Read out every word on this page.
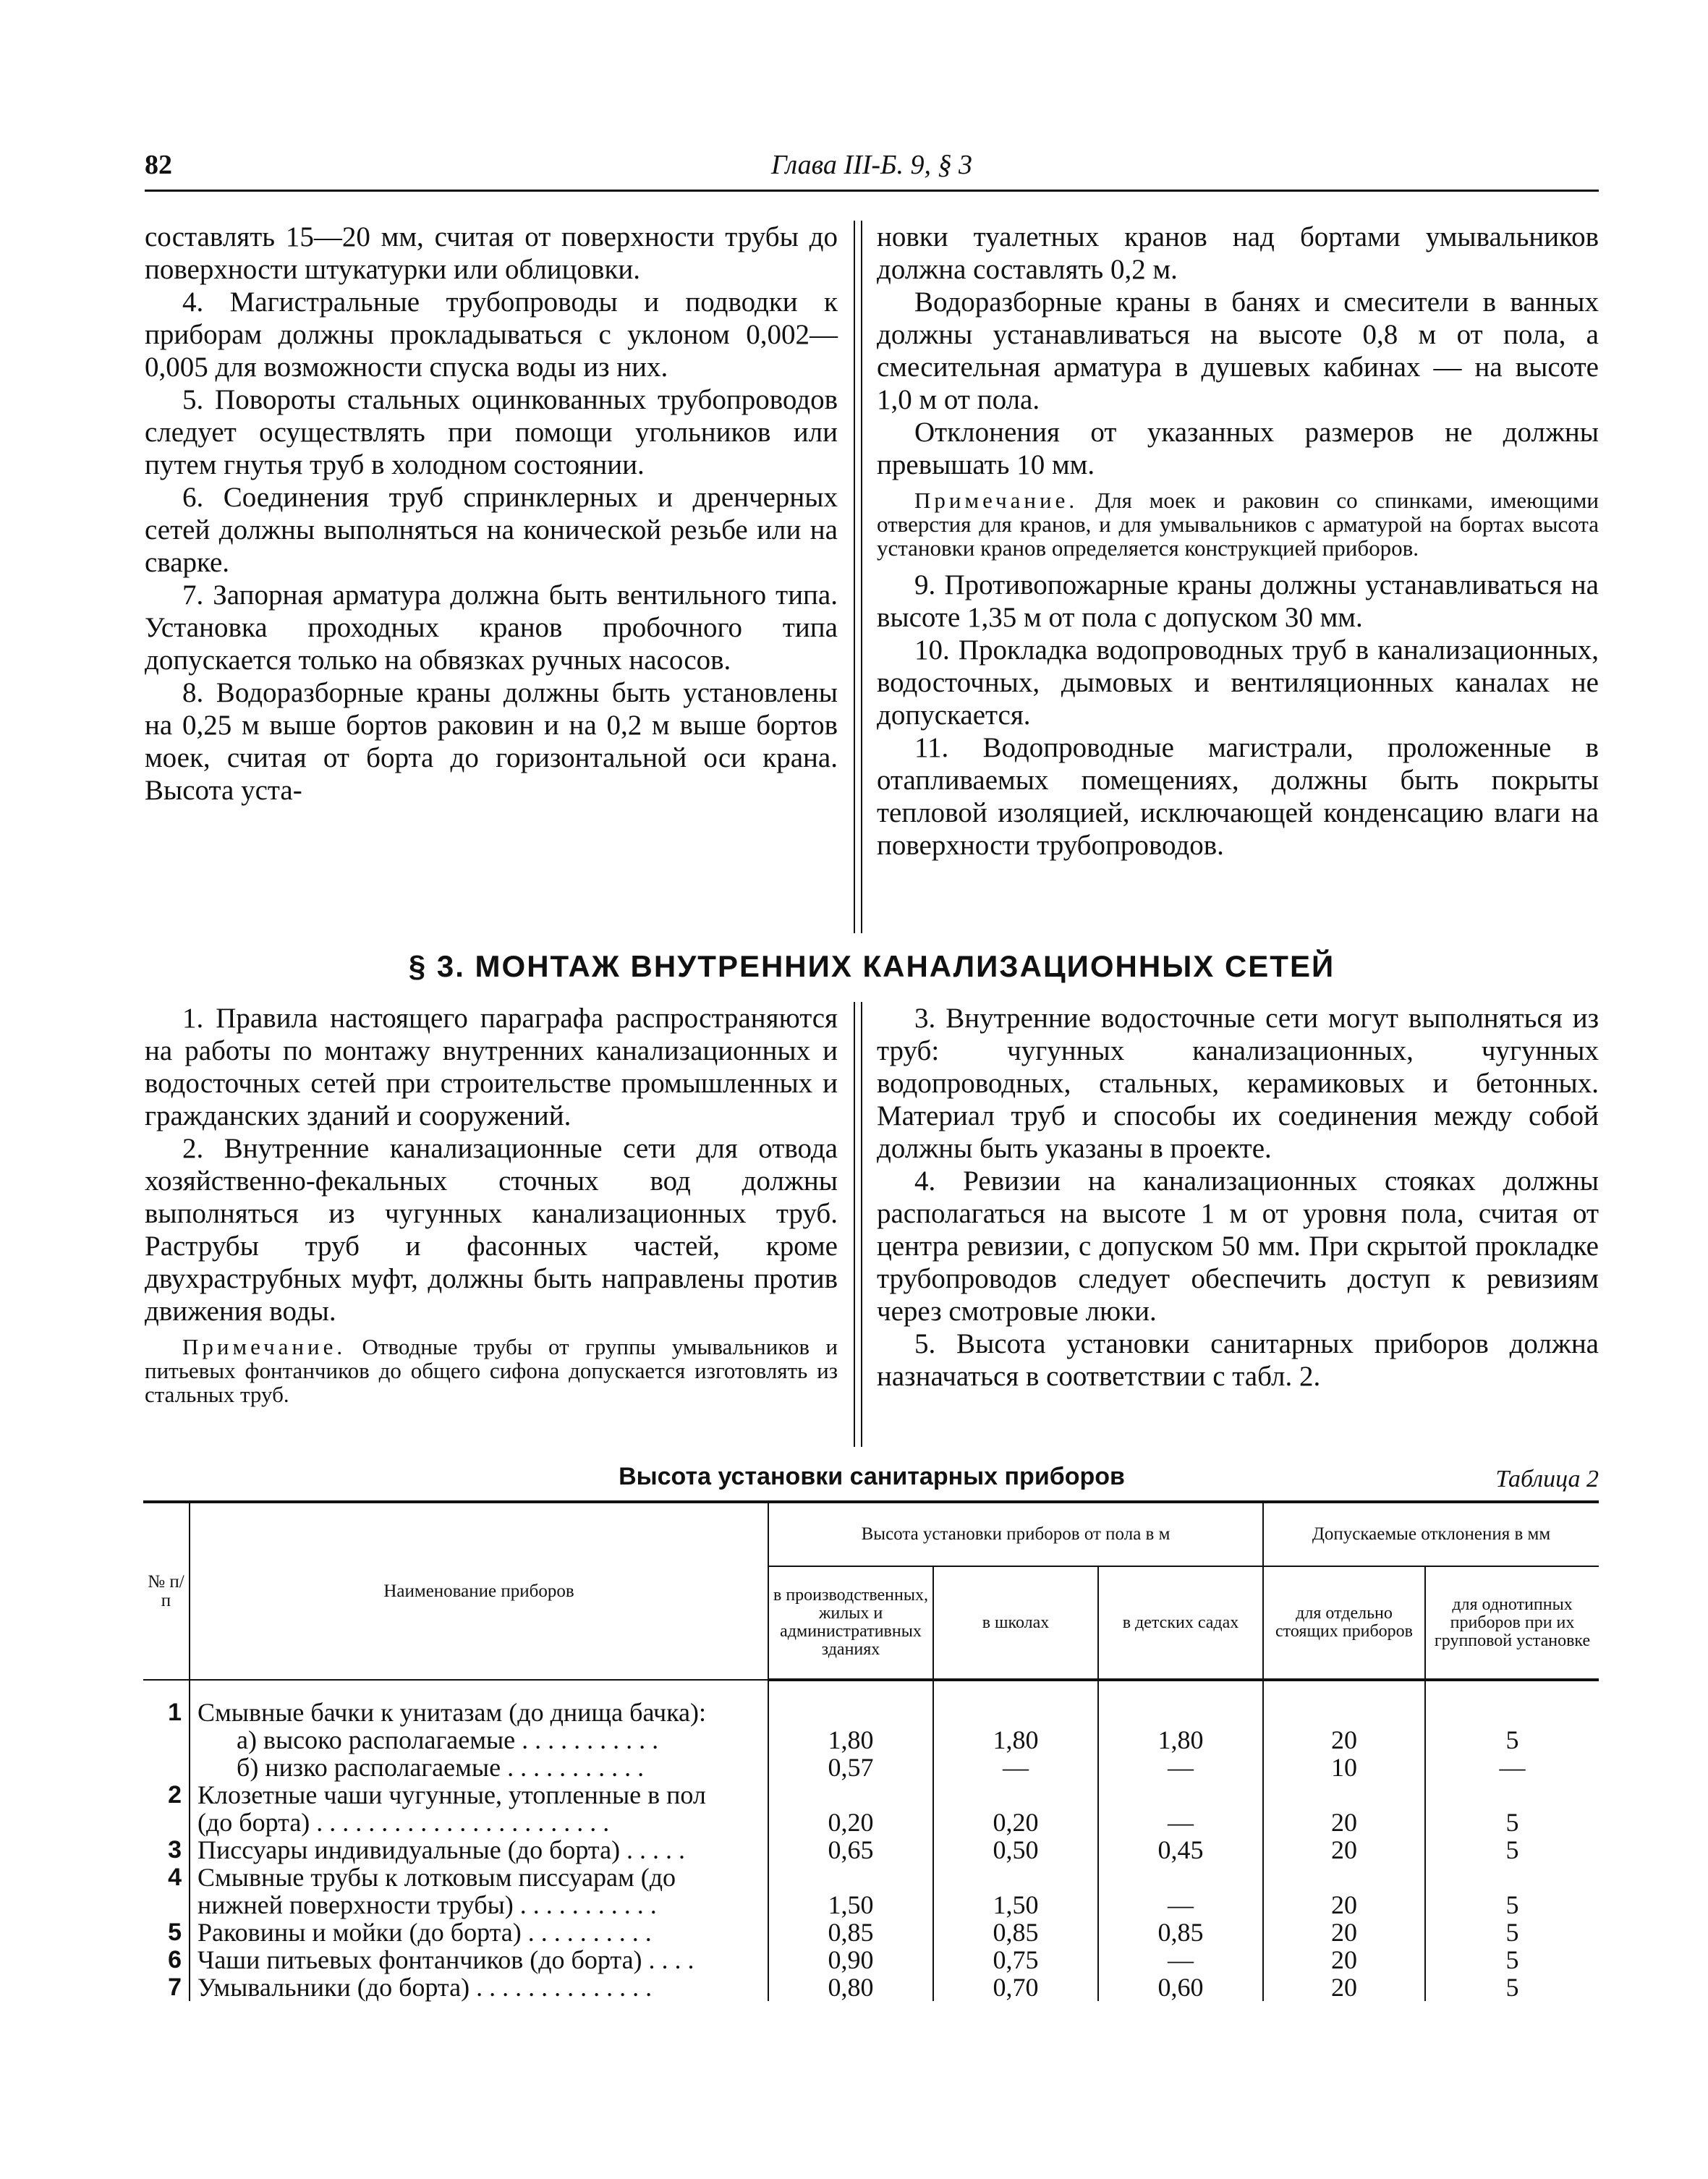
82	Глава III-Б. 9, § 3

составлять 15—20 мм, считая от поверхности трубы до поверхности штукатурки или облицовки.

4. Магистральные трубопроводы и подводки к приборам должны прокладываться с уклоном 0,002—0,005 для возможности спуска воды из них.

5. Повороты стальных оцинкованных трубопроводов следует осуществлять при помощи угольников или путем гнутья труб в холодном состоянии.

6. Соединения труб спринклерных и дренчерных сетей должны выполняться на конической резьбе или на сварке.

7. Запорная арматура должна быть вентильного типа. Установка проходных кранов пробочного типа допускается только на обвязках ручных насосов.

8. Водоразборные краны должны быть установлены на 0,25 м выше бортов раковин и на 0,2 м выше бортов моек, считая от борта до горизонтальной оси крана. Высота уста-

новки туалетных кранов над бортами умывальников должна составлять 0,2 м.

Водоразборные краны в банях и смесители в ванных должны устанавливаться на высоте 0,8 м от пола, а смесительная арматура в душевых кабинах — на высоте 1,0 м от пола.

Отклонения от указанных размеров не должны превышать 10 мм.

Примечание. Для моек и раковин со спинками, имеющими отверстия для кранов, и для умывальников с арматурой на бортах высота установки кранов определяется конструкцией приборов.

9. Противопожарные краны должны устанавливаться на высоте 1,35 м от пола с допуском 30 мм.

10. Прокладка водопроводных труб в канализационных, водосточных, дымовых и вентиляционных каналах не допускается.

11. Водопроводные магистрали, проложенные в отапливаемых помещениях, должны быть покрыты тепловой изоляцией, исключающей конденсацию влаги на поверхности трубопроводов.

§ 3. МОНТАЖ ВНУТРЕННИХ КАНАЛИЗАЦИОННЫХ СЕТЕЙ

1. Правила настоящего параграфа распространяются на работы по монтажу внутренних канализационных и водосточных сетей при строительстве промышленных и гражданских зданий и сооружений.

2. Внутренние канализационные сети для отвода хозяйственно-фекальных сточных вод должны выполняться из чугунных канализационных труб. Раструбы труб и фасонных частей, кроме двухраструбных муфт, должны быть направлены против движения воды.

Примечание. Отводные трубы от группы умывальников и питьевых фонтанчиков до общего сифона допускается изготовлять из стальных труб.

3. Внутренние водосточные сети могут выполняться из труб: чугунных канализационных, чугунных водопроводных, стальных, керамиковых и бетонных. Материал труб и способы их соединения между собой должны быть указаны в проекте.

4. Ревизии на канализационных стояках должны располагаться на высоте 1 м от уровня пола, считая от центра ревизии, с допуском 50 мм. При скрытой прокладке трубопроводов следует обеспечить доступ к ревизиям через смотровые люки.

5. Высота установки санитарных приборов должна назначаться в соответствии с табл. 2.

Высота установки санитарных приборов	Таблица 2
№ п/п	Наименование приборов	Высота установки приборов от пола в м			Допускаемые отклонения в мм	
		в производственных, жилых и административных зданиях	в школах	в детских садах	для отдельно стоящих приборов	для однотипных приборов при их групповой установке

1	Смывные бачки к унитазам (до днища бачка):					
	а) высоко располагаемые . . . . . . . . . . .	1,80	1,80	1,80	20	5
	б) низко располагаемые . . . . . . . . . . .	0,57	—	—	10	—
2	Клозетные чаши чугунные, утопленные в пол					
	(до борта) . . . . . . . . . . . . . . . . . . . . . . .	0,20	0,20	—	20	5
3	Писсуары индивидуальные (до борта) . . . . .	0,65	0,50	0,45	20	5
4	Смывные трубы к лотковым писсуарам (до					
	нижней поверхности трубы) . . . . . . . . . . .	1,50	1,50	—	20	5
5	Раковины и мойки (до борта) . . . . . . . . . .	0,85	0,85	0,85	20	5
6	Чаши питьевых фонтанчиков (до борта) . . . .	0,90	0,75	—	20	5
7	Умывальники (до борта) . . . . . . . . . . . . . .	0,80	0,70	0,60	20	5
